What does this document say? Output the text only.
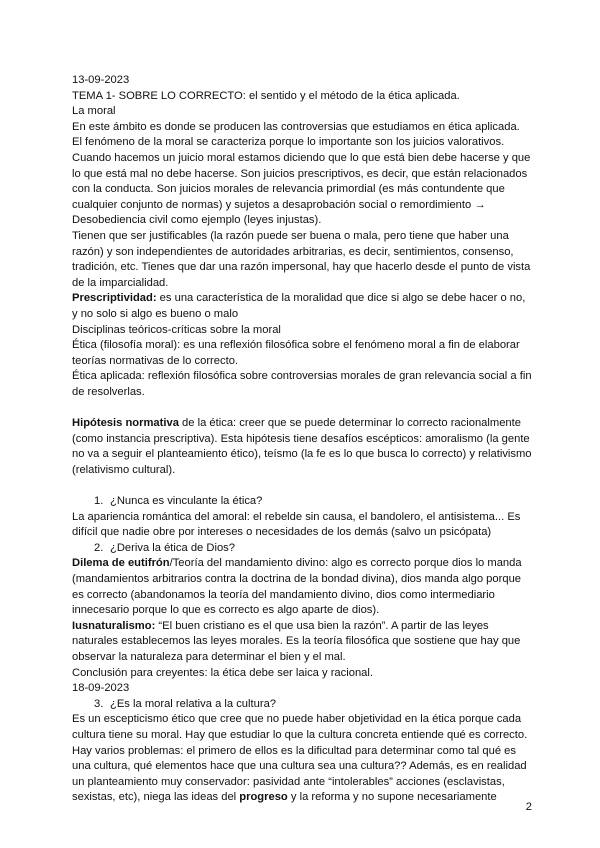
13-09-2023

TEMA 1- SOBRE LO CORRECTO: el sentido y el método de la ética aplicada.

La moral

En este ámbito es donde se producen las controversias que estudiamos en ética aplicada.

El fenómeno de la moral se caracteriza porque lo importante son los juicios valorativos. Cuando hacemos un juicio moral estamos diciendo que lo que está bien debe hacerse y que lo que está mal no debe hacerse. Son juicios prescriptivos, es decir, que están relacionados con la conducta. Son juicios morales de relevancia primordial (es más contundente que cualquier conjunto de normas) y sujetos a desaprobación social o remordimiento → Desobediencia civil como ejemplo (leyes injustas).

Tienen que ser justificables (la razón puede ser buena o mala, pero tiene que haber una razón) y son independientes de autoridades arbitrarias, es decir, sentimientos, consenso, tradición, etc. Tienes que dar una razón impersonal, hay que hacerlo desde el punto de vista de la imparcialidad.

Prescriptividad: es una característica de la moralidad que dice si algo se debe hacer o no, y no solo si algo es bueno o malo

Disciplinas teóricos-críticas sobre la moral

Ética (filosofía moral): es una reflexión filosófica sobre el fenómeno moral a fin de elaborar teorías normativas de lo correcto.

Ética aplicada: reflexión filosófica sobre controversias morales de gran relevancia social a fin de resolverlas.

Hipótesis normativa de la ética: creer que se puede determinar lo correcto racionalmente (como instancia prescriptiva). Esta hipótesis tiene desafíos escépticos: amoralismo (la gente no va a seguir el planteamiento ético), teísmo (la fe es lo que busca lo correcto) y relativismo (relativismo cultural).

1. ¿Nunca es vinculante la ética?

La apariencia romántica del amoral: el rebelde sin causa, el bandolero, el antisistema... Es difícil que nadie obre por intereses o necesidades de los demás (salvo un psicópata)

2. ¿Deriva la ética de Dios?

Dilema de eutifrón/Teoría del mandamiento divino: algo es correcto porque dios lo manda (mandamientos arbitrarios contra la doctrina de la bondad divina), dios manda algo porque es correcto (abandonamos la teoría del mandamiento divino, dios como intermediario innecesario porque lo que es correcto es algo aparte de dios).

Iusnaturalismo: “El buen cristiano es el que usa bien la razón”. A partir de las leyes naturales establecemos las leyes morales. Es la teoría filosófica que sostiene que hay que observar la naturaleza para determinar el bien y el mal.

Conclusión para creyentes: la ética debe ser laica y racional.

18-09-2023

3. ¿Es la moral relativa a la cultura?

Es un escepticismo ético que cree que no puede haber objetividad en la ética porque cada cultura tiene su moral. Hay que estudiar lo que la cultura concreta entiende qué es correcto. Hay varios problemas: el primero de ellos es la dificultad para determinar como tal qué es una cultura, qué elementos hace que una cultura sea una cultura?? Además, es en realidad un planteamiento muy conservador: pasividad ante “intolerables” acciones (esclavistas, sexistas, etc), niega las ideas del progreso y la reforma y no supone necesariamente

2
